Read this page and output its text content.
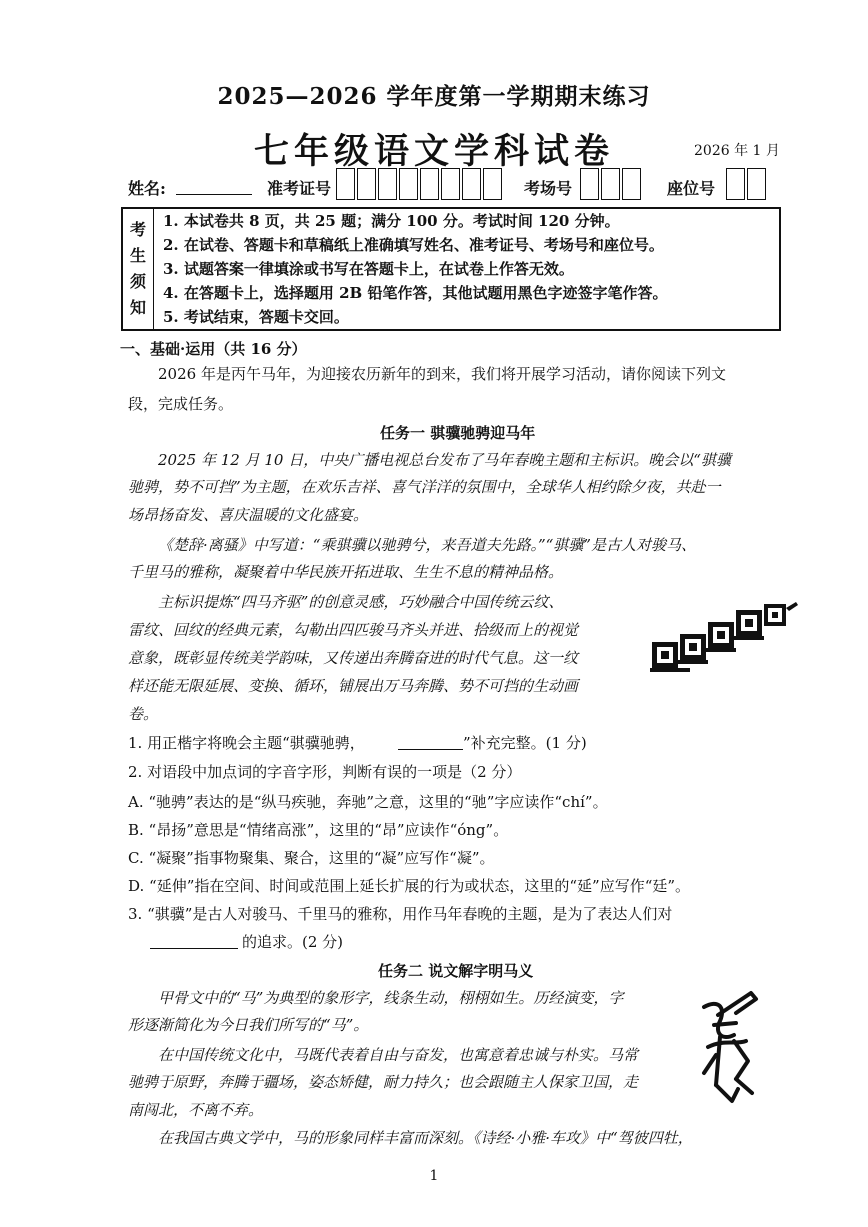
2025—2026 学年度第一学期期末练习
七年级语文学科试卷	2026 年 1 月
姓名:	准考证号	考场号	座位号
考
生
须
知
1. 本试卷共 8 页，共 25 题；满分 100 分。考试时间 120 分钟。
2. 在试卷、答题卡和草稿纸上准确填写姓名、准考证号、考场号和座位号。
3. 试题答案一律填涂或书写在答题卡上，在试卷上作答无效。
4. 在答题卡上，选择题用 2B 铅笔作答，其他试题用黑色字迹签字笔作答。
5. 考试结束，答题卡交回。
一、基础·运用（共 16 分）
2026 年是丙午马年，为迎接农历新年的到来，我们将开展学习活动，请你阅读下列文
段，完成任务。
任务一 骐骥驰骋迎马年
2025 年 12 月 10 日，中央广播电视总台发布了马年春晚主题和主标识。晚会以“骐骥
驰骋，势不可挡”为主题，在欢乐吉祥、喜气洋洋的氛围中，全球华人相约除夕夜，共赴一
场昂扬奋发、喜庆温暖的文化盛宴。
《楚辞·离骚》中写道：“乘骐骥以驰骋兮，来吾道夫先路。”“骐骥”是古人对骏马、
千里马的雅称，凝聚着中华民族开拓进取、生生不息的精神品格。
主标识提炼“四马齐驱”的创意灵感，巧妙融合中国传统云纹、
雷纹、回纹的经典元素，勾勒出四匹骏马齐头并进、拾级而上的视觉
意象，既彰显传统美学韵味，又传递出奔腾奋进的时代气息。这一纹
样还能无限延展、变换、循环，铺展出万马奔腾、势不可挡的生动画
卷。
1. 用正楷字将晚会主题“骐骥驰骋，	”补充完整。(1 分)
2. 对语段中加点词的字音字形，判断有误的一项是（2 分）
A. “驰骋”表达的是“纵马疾驰，奔驰”之意，这里的“驰”字应读作“chí”。
B. “昂扬”意思是“情绪高涨”，这里的“昂”应读作“óng”。
C. “凝聚”指事物聚集、聚合，这里的“凝”应写作“凝”。
D. “延伸”指在空间、时间或范围上延长扩展的行为或状态，这里的“延”应写作“廷”。
3. “骐骥”是古人对骏马、千里马的雅称，用作马年春晚的主题，是为了表达人们对
的追求。(2 分)
任务二 说文解字明马义
甲骨文中的“马”为典型的象形字，线条生动，栩栩如生。历经演变，字
形逐渐简化为今日我们所写的“马”。
在中国传统文化中，马既代表着自由与奋发，也寓意着忠诚与朴实。马常
驰骋于原野，奔腾于疆场，姿态矫健，耐力持久；也会跟随主人保家卫国，走
南闯北，不离不弃。
在我国古典文学中，马的形象同样丰富而深刻。《诗经·小雅·车攻》中“驾彼四牡，
1
